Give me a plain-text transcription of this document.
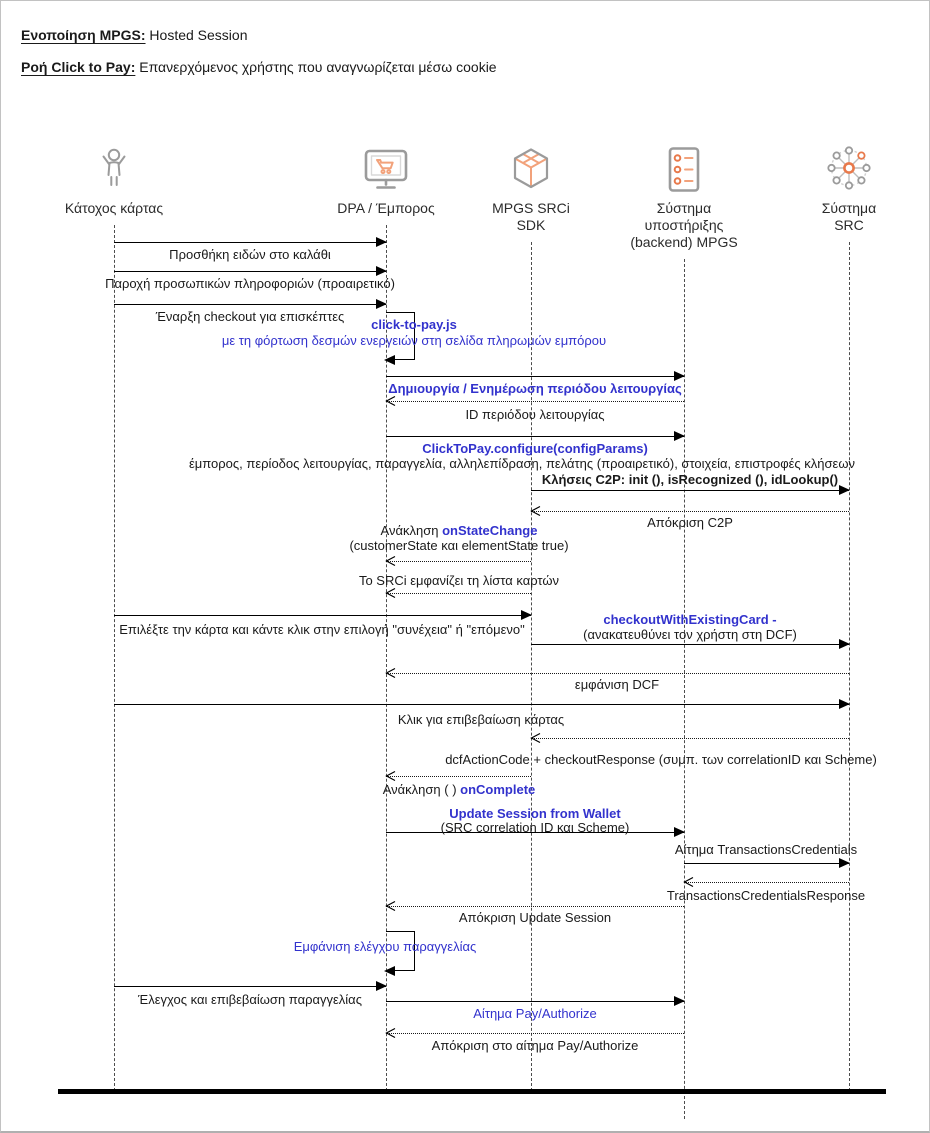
Ενοποίηση MPGS: Hosted Session
Ροή Click to Pay: Επανερχόμενος χρήστης που αναγνωρίζεται μέσω cookie
Κάτοχος κάρτας	DPA / Έμπορος	MPGS SRCi
SDK
Σύστημα
υποστήριξης
(backend) MPGS
Σύστημα
SRC
Προσθήκη ειδών στο καλάθι
Παροχή προσωπικών πληροφοριών (προαιρετικό)
Έναρξη checkout για επισκέπτες
click-to-pay.js
με τη φόρτωση δεσμών ενεργειών στη σελίδα πληρωμών εμπόρου
Δημιουργία / Ενημέρωση περιόδου λειτουργίας
ID περιόδου λειτουργίας
ClickToPay.configure(configParams)
έμπορος, περίοδος λειτουργίας, παραγγελία, αλληλεπίδραση, πελάτης (προαιρετικό), στοιχεία, επιστροφές κλήσεων
Κλήσεις C2P: init (), isRecognized (), idLookup()
Απόκριση C2P
Ανάκληση onStateChange
(customerState και elementState true)
Το SRCi εμφανίζει τη λίστα καρτών
Επιλέξτε την κάρτα και κάντε κλικ στην επιλογή "συνέχεια" ή "επόμενο"
checkoutWithExistingCard -
(ανακατευθύνει τον χρήστη στη DCF)
εμφάνιση DCF
Κλικ για επιβεβαίωση κάρτας
dcfActionCode + checkoutResponse (συμπ. των correlationID και Scheme)
Ανάκληση ( ) onComplete
Update Session from Wallet
(SRC correlation ID και Scheme)
Αίτημα TransactionsCredentials
TransactionsCredentialsResponse
Απόκριση Update Session
Εμφάνιση ελέγχου παραγγελίας
Έλεγχος και επιβεβαίωση παραγγελίας
Αίτημα Pay/Authorize
Απόκριση στο αίτημα Pay/Authorize
